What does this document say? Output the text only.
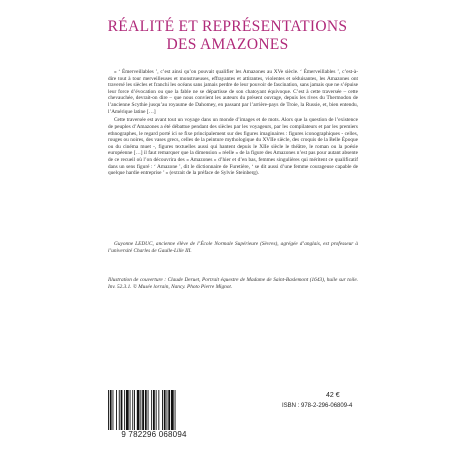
RÉALITÉ ET REPRÉSENTATIONS
DES AMAZONES

« ‘ Émerveillables ’, c’est ainsi qu’on pouvait qualifier les Amazones au XVe siècle. ‘ Émerveillables ’, c’est-à-dire tout à tour merveilleuses et monstrueuses, effrayantes et attirantes, violentes et séduisantes, les Amazones ont traversé les siècles et franchi les océans sans jamais perdre de leur pouvoir de fascination, sans jamais que ne s’épuise leur force d’évocation ou que la fable ne se départisse de son chatoyant équivoque. C’est à cette traversée – cette chevauchée, devrait-on dire – que nous convient les auteurs du présent ouvrage, depuis les rives du Thermodon de l’ancienne Scythie jusqu’au royaume de Dahomey, en passant par l’arrière-pays de Troie, la Russie, et, bien entendu, l’Amérique latine […]

Cette traversée est avant tout un voyage dans un monde d’images et de mots. Alors que la question de l’existence de peuples d’Amazones a été débattue pendant des siècles par les voyageurs, par les compilateurs et par les premiers ethnographes, le regard porté ici se fixe principalement sur des figures imaginaires : figures iconographiques - celles, rouges ou noires, des vases grecs, celles de la peinture mythologique du XVIIe siècle, des croquis de la Belle Époque ou du cinéma muet -, figures textuelles aussi qui hantent depuis le XIIe siècle le théâtre, le roman ou la poésie européenne […] il faut remarquer que la dimension « réelle » de la figure des Amazones n’est pas pour autant absente de ce recueil où l’on découvrira des « Amazones » d’hier et d’en bas, femmes singulières qui méritent ce qualificatif dans un sens figuré : ‘ Amazone ’, dit le dictionnaire de Furetière, ‘ se dit aussi d’une femme courageuse capable de quelque hardie entreprise ’ » (extrait de la préface de Sylvie Steinberg).

Guyonne LEDUC, ancienne élève de l’École Normale Supérieure (Sèvres), agrégée d’anglais, est professeur à l’université Charles de Gaulle-Lille III.
Illustration de couverture : Claude Deruet, Portrait équestre de Madame de Saint-Baslemont (1643), huile sur toile. Inv. 52.3.1. © Musée lorrain, Nancy. Photo Pierre Mignot.
9 782296 068094
42 €
ISBN : 978-2-296-06809-4
